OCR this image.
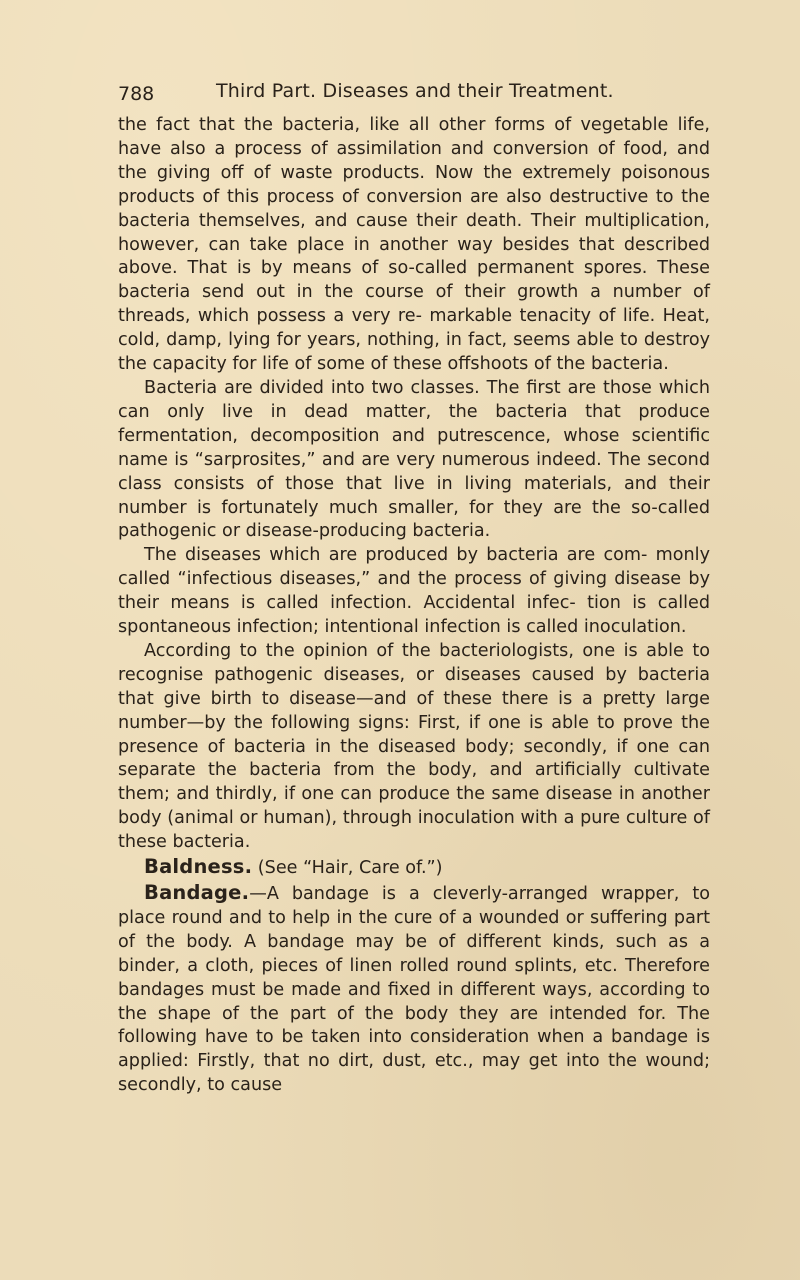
788	Third Part. Diseases and their Treatment.

the fact that the bacteria, like all other forms of vegetable life, have also a process of assimilation and conversion of food, and the giving off of waste products. Now the extremely poisonous products of this process of conversion are also destructive to the bacteria themselves, and cause their death. Their multiplication, however, can take place in another way besides that described above. That is by means of so-called permanent spores. These bacteria send out in the course of their growth a number of threads, which possess a very re- markable tenacity of life. Heat, cold, damp, lying for years, nothing, in fact, seems able to destroy the capacity for life of some of these offshoots of the bacteria.

Bacteria are divided into two classes. The first are those which can only live in dead matter, the bacteria that produce fermentation, decomposition and putrescence, whose scientific name is “sarprosites,” and are very numerous indeed. The second class consists of those that live in living materials, and their number is fortunately much smaller, for they are the so-called pathogenic or disease-producing bacteria.

The diseases which are produced by bacteria are com- monly called “infectious diseases,” and the process of giving disease by their means is called infection. Accidental infec- tion is called spontaneous infection; intentional infection is called inoculation.

According to the opinion of the bacteriologists, one is able to recognise pathogenic diseases, or diseases caused by bacteria that give birth to disease—and of these there is a pretty large number—by the following signs: First, if one is able to prove the presence of bacteria in the diseased body; secondly, if one can separate the bacteria from the body, and artificially cultivate them; and thirdly, if one can produce the same disease in another body (animal or human), through inoculation with a pure culture of these bacteria.

Baldness. (See “Hair, Care of.”)

Bandage.—A bandage is a cleverly-arranged wrapper, to place round and to help in the cure of a wounded or suffering part of the body. A bandage may be of different kinds, such as a binder, a cloth, pieces of linen rolled round splints, etc. Therefore bandages must be made and fixed in different ways, according to the shape of the part of the body they are intended for. The following have to be taken into consideration when a bandage is applied: Firstly, that no dirt, dust, etc., may get into the wound; secondly, to cause
